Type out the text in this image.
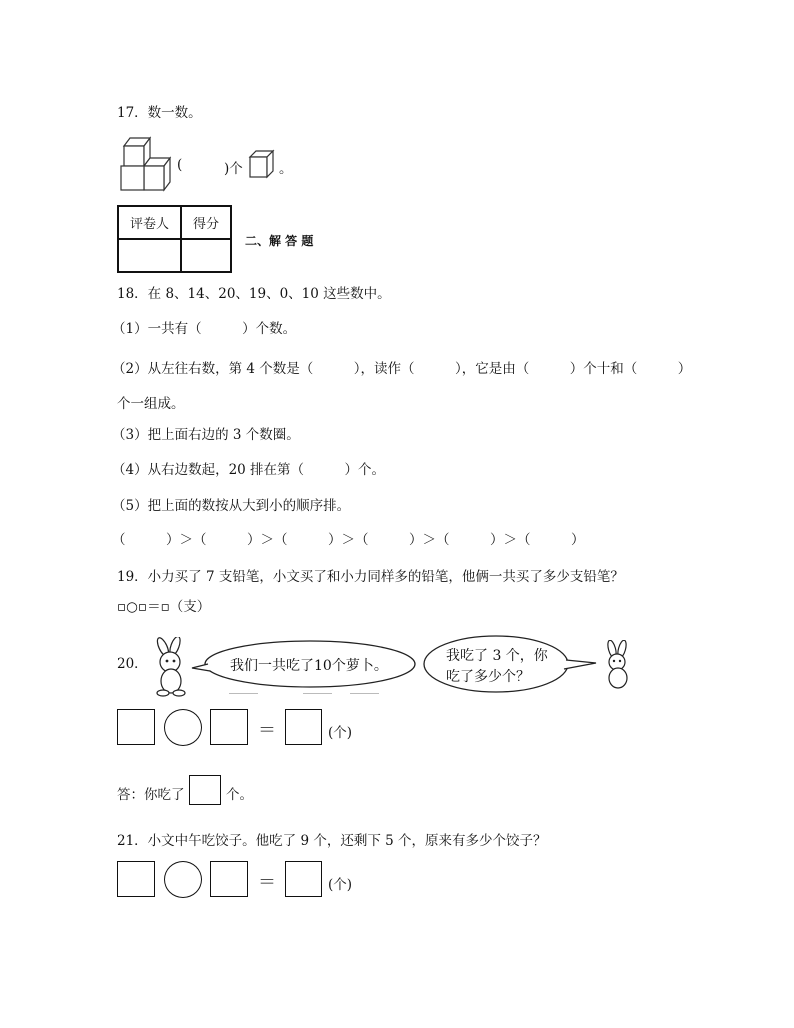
17．数一数。
(	)个	。
评卷人	得分

二、解 答 题
18．在 8、14、20、19、0、10 这些数中。
（1）一共有（　　　）个数。
（2）从左往右数，第 4 个数是（　　　），读作（　　　），它是由（　　　）个十和（　　　）
个一组成。
（3）把上面右边的 3 个数圈。
（4）从右边数起，20 排在第（　　　）个。
（5）把上面的数按从大到小的顺序排。
（　　　）＞（　　　）＞（　　　）＞（　　　）＞（　　　）＞（　　　）
19．小力买了 7 支铅笔，小文买了和小力同样多的铅笔，他俩一共买了多少支铅笔？
▫○▫＝▫（支）
20．	我们一共吃了10个萝卜。
我吃了 3 个，你
吃了多少个？
＝	(个)
答：你吃了	个。
21．小文中午吃饺子。他吃了 9 个，还剩下 5 个，原来有多少个饺子？
＝	(个)
